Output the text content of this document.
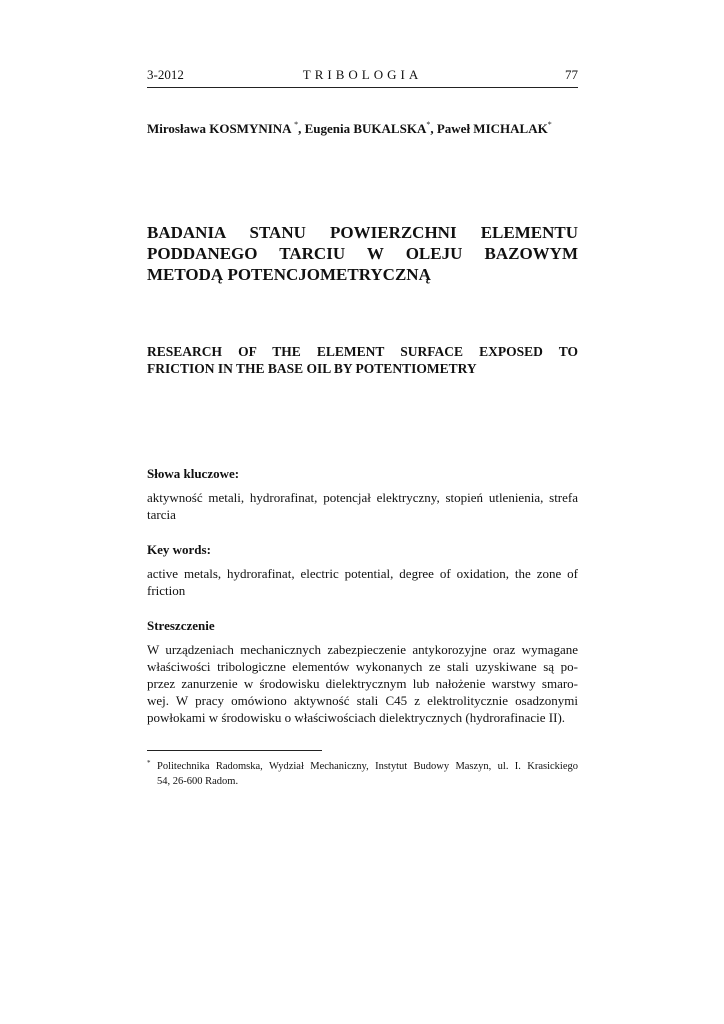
3-2012	TRIBOLOGIA	77
Mirosława KOSMYNINA *, Eugenia BUKALSKA*, Paweł MICHALAK*
BADANIA STANU POWIERZCHNI ELEMENTU
PODDANEGO TARCIU W OLEJU BAZOWYM
METODĄ POTENCJOMETRYCZNĄ
RESEARCH OF THE ELEMENT SURFACE EXPOSED TO
FRICTION IN THE BASE OIL BY POTENTIOMETRY
Słowa kluczowe:
aktywność metali, hydrorafinat, potencjał elektryczny, stopień utlenienia, strefa
tarcia
Key words:
active metals, hydrorafinat, electric potential, degree of oxidation, the zone of
friction
Streszczenie
W urządzeniach mechanicznych zabezpieczenie antykorozyjne oraz wymagane
właściwości tribologiczne elementów wykonanych ze stali uzyskiwane są po-
przez zanurzenie w środowisku dielektrycznym lub nałożenie warstwy smaro-
wej. W pracy omówiono aktywność stali C45 z elektrolitycznie osadzonymi
powłokami w środowisku o właściwościach dielektrycznych (hydrorafinacie II).
* Politechnika Radomska, Wydział Mechaniczny, Instytut Budowy Maszyn, ul. I. Krasickiego
54, 26-600 Radom.
